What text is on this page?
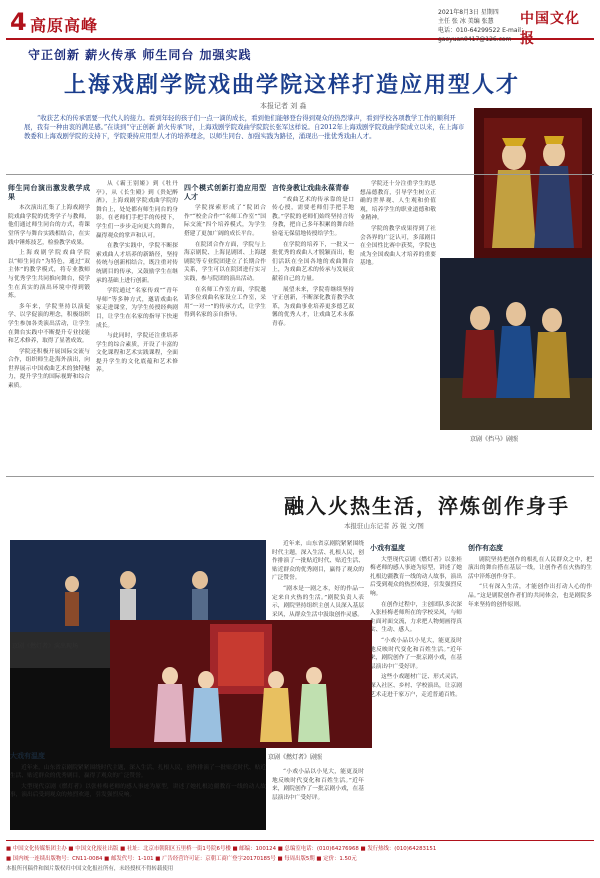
4 高原高峰
2021年8月3日 星期四
主任 张 冰 美编 张慧
电话：010-64299522 E-mail：gaoyuan0417@126.com
中国文化报
守正创新 薪火传承 师生同台 加强实践
上海戏剧学院戏曲学院这样打造应用型人才
本报记者 刘 淼
“收获艺术的传承需要一代代人的接力。看到年轻的孩子们一点一滴的成长，看到他们能够登台得到观众的热烈掌声，看到学校各项教学工作的顺利开展，我有一种由衷的满足感。”在谈到“守正创新 薪火传承”时，上海戏剧学院戏曲学院院长张军这样说。自2012年上海戏剧学院戏曲学院成立以来，在上海市教委和上海戏剧学院的支持下，学院秉持应用型人才的培养理念，以师生同台、加强实践为路径，涌现出一批优秀戏曲人才。
师生同台演出激发教学成果

本次演出汇集了上海戏剧学院戏曲学院的优秀学子与教师，他们通过师生同台的方式，将课堂所学与舞台实践相结合，在实践中锤炼技艺，检验教学成果。

上海戏剧学院戏曲学院以“师生同台”为特色，通过“双主体”的教学模式，将专业教师与优秀学生共同推向舞台，使学生在真实的演出环境中得到锻炼。

多年来，学院坚持以演促学、以学促演的理念，积极组织学生参加各类演出活动，让学生在舞台实践中不断提升专业技能和艺术修养，取得了显著成效。

学院还积极开展国际交流与合作，组织师生赴海外演出，向世界展示中国戏曲艺术的独特魅力，提升学生的国际视野和综合素质。

从《霸王别姬》到《牡丹亭》，从《长生殿》到《贵妃醉酒》，上海戏剧学院戏曲学院的舞台上，处处都有师生同台的身影。在老师们手把手的传授下，学生们一步步走向更大的舞台，赢得观众的掌声和认可。

在教学实践中，学院不断探索戏曲人才培养的新路径，坚持传统与创新相结合，既注重对传统剧目的传承，又鼓励学生在继承的基础上进行创新。

学院通过“名家传戏”“青年导师”等多种方式，邀请戏曲名家走进课堂，为学生传授经典剧目，让学生在名家的指导下快速成长。

与此同时，学院还注重培养学生的综合素质，开设了丰富的文化课程和艺术实践课程，全面提升学生的文化底蕴和艺术修养。

四个模式创新打造应用型人才

学院探索形成了“院团合作”“校企合作”“名师工作室”“国际交流”四个培养模式，为学生搭建了更加广阔的成长平台。

在院团合作方面，学院与上海京剧院、上海昆剧团、上海越剧院等专业院团建立了长期合作关系，学生可以在院团进行实习实践，参与院团的演出活动。

在名师工作室方面，学院邀请多位戏曲名家设立工作室，采用“一对一”的传承方式，让学生得到名家的亲自指导。

言传身教让戏曲永葆青春

“戏曲艺术的传承靠的是口传心授，需要老师们手把手地教。”学院的老师们始终坚持言传身教，把自己多年积累的舞台经验毫无保留地传授给学生。

在学院的培养下，一批又一批优秀的戏曲人才脱颖而出，他们活跃在全国各地的戏曲舞台上，为戏曲艺术的传承与发展贡献着自己的力量。

展望未来，学院将继续坚持守正创新，不断深化教育教学改革，为戏曲事业培养更多德艺双馨的优秀人才，让戏曲艺术永葆青春。

学院还十分注重学生的思想品德教育，引导学生树立正确的世界观、人生观和价值观，培养学生的职业道德和敬业精神。

学院的教学成果得到了社会各界的广泛认可，多部剧目在全国性比赛中获奖，学院也成为全国戏曲人才培养的重要基地。

京剧《挡马》剧照
融入火热生活，淬炼创作身手
本报驻山东记者 苏 锐 文/图
京剧《燃灯者》演出现场
京剧《燃灯者》剧照

近年来，山东省京剧院紧紧围绕时代主题，深入生活、扎根人民，创作排演了一批贴近时代、贴近生活、贴近群众的优秀剧目，赢得了观众的广泛赞誉。

“剧本是一剧之本，好的作品一定来自火热的生活。”剧院负责人表示，剧院坚持组织主创人员深入基层采风，从群众生活中汲取创作灵感。

小戏有温度

大型现代京剧《燃灯者》以张桂梅老师的感人事迹为原型，讲述了她扎根边疆教育一线的动人故事，演出后受到观众的热烈欢迎，引发强烈反响。

在创作过程中，主创团队多次深入张桂梅老师所在的学校采风，与师生面对面交流，力求把人物刻画得真实、生动、感人。

“小戏小品以小见大，能更及时地反映时代变化和百姓生活。”近年来，剧院创作了一批京剧小戏，在基层演出中广受好评。

这些小戏题材广泛、形式灵活，深入社区、乡村、学校演出，让京剧艺术走进千家万户，走近普通百姓。

创作有态度

剧院坚持把创作的根扎在人民群众之中，把演出的舞台搭在基层一线，让创作者在火热的生活中淬炼创作身手。

“只有深入生活，才能创作出打动人心的作品。”这是剧院创作者们的共同体会，也是剧院多年来坚持的创作原则。

大戏有温度

近年来，山东省京剧院紧紧围绕时代主题，深入生活、扎根人民，创作排演了一批贴近时代、贴近生活、贴近群众的优秀剧目，赢得了观众的广泛赞誉。

大型现代京剧《燃灯者》以张桂梅老师的感人事迹为原型，讲述了她扎根边疆教育一线的动人故事，演出后受到观众的热烈欢迎，引发强烈反响。

“小戏小品以小见大，能更及时地反映时代变化和百姓生活。”近年来，剧院创作了一批京剧小戏，在基层演出中广受好评。

■ 中国文化传媒集团主办 ■ 中国文化报社出版 ■ 社址：北京市朝阳区五里桥一街1号院6号楼 ■ 邮编：100124 ■ 总编室电话：(010)64276968 ■ 发行热线：(010)64283151
■ 国内统一连续出版物号：CN11-0084 ■ 邮发代号：1-101 ■ 广告经营许可证：京朝工商广登字20170185号 ■ 每周出版5期 ■ 定价：1.50元
本报所刊稿件和图片版权归中国文化报社所有，未经授权不得转载使用
